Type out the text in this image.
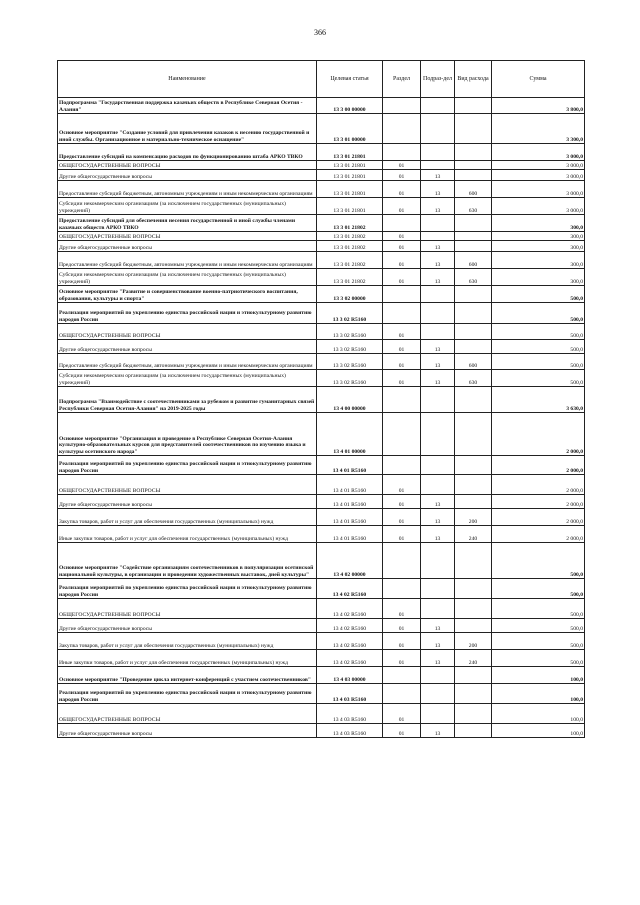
366
Наименование	Целевая статья	Раздел	Подраз-дел	Вид расхода	Сумма
Подпрограмма "Государственная поддержка казачьих обществ в Республике Северная Осетия - Алания"	13 3 00 00000				3 800,0
Основное мероприятие "Создание условий для привлечения казаков к несению государственной и иной службы. Организационное и материально-техническое оснащение"	13 3 01 00000				3 300,0
Предоставление субсидий на компенсацию расходов по функционированию штаба АРКО ТВКО	13 3 01 21801				3 000,0
ОБЩЕГОСУДАРСТВЕННЫЕ ВОПРОСЫ	13 3 01 21801	01			3 000,0
Другие общегосударственные вопросы	13 3 01 21801	01	13		3 000,0
Предоставление субсидий бюджетным, автономным учреждениям и иным некоммерческим организациям	13 3 01 21801	01	13	600	3 000,0
Субсидии некоммерческим организациям (за исключением государственных (муниципальных) учреждений)	13 3 01 21801	01	13	630	3 000,0
Предоставление субсидий для обеспечения несения государственной и иной службы членами казачьих обществ АРКО ТВКО	13 3 01 21802				300,0
ОБЩЕГОСУДАРСТВЕННЫЕ ВОПРОСЫ	13 3 01 21802	01			300,0
Другие общегосударственные вопросы	13 3 01 21802	01	13		300,0
Предоставление субсидий бюджетным, автономным учреждениям и иным некоммерческим организациям	13 3 01 21802	01	13	600	300,0
Субсидии некоммерческим организациям (за исключением государственных (муниципальных) учреждений)	13 3 01 21802	01	13	630	300,0
Основное мероприятие "Развитие и совершенствование военно-патриотического воспитания, образования, культуры и спорта"	13 3 02 00000				500,0
Реализация мероприятий по укреплению единства российской нации и этнокультурному развитию народов России	13 3 02 R5160				500,0
ОБЩЕГОСУДАРСТВЕННЫЕ ВОПРОСЫ	13 3 02 R5160	01			500,0
Другие общегосударственные вопросы	13 3 02 R5160	01	13		500,0
Предоставление субсидий бюджетным, автономным учреждениям и иным некоммерческим организациям	13 3 02 R5160	01	13	600	500,0
Субсидии некоммерческим организациям (за исключением государственных (муниципальных) учреждений)	13 3 02 R5160	01	13	630	500,0
Подпрограмма "Взаимодействие с соотечественниками за рубежом и развитие гуманитарных связей Республики Северная Осетия-Алания" на 2019-2025 годы	13 4 00 00000				3 630,0
Основное мероприятие "Организация и проведение в Республике Северная Осетия-Алания культурно-образовательных курсов для представителей соотечественников по изучению языка и культуры осетинского народа"	13 4 01 00000				2 000,0
Реализация мероприятий по укреплению единства российской нации и этнокультурному развитию народов России	13 4 01 R5160				2 000,0
ОБЩЕГОСУДАРСТВЕННЫЕ ВОПРОСЫ	13 4 01 R5160	01			2 000,0
Другие общегосударственные вопросы	13 4 01 R5160	01	13		2 000,0
Закупка товаров, работ и услуг для обеспечения государственных (муниципальных) нужд	13 4 01 R5160	01	13	200	2 000,0
Иные закупки товаров, работ и услуг для обеспечения государственных (муниципальных) нужд	13 4 01 R5160	01	13	240	2 000,0
Основное мероприятие "Содействие организациям соотечественников в популяризации осетинской национальной культуры, в организации и проведении художественных выставок, дней культуры"	13 4 02 00000				500,0
Реализация мероприятий по укреплению единства российской нации и этнокультурному развитию народов России	13 4 02 R5160				500,0
ОБЩЕГОСУДАРСТВЕННЫЕ ВОПРОСЫ	13 4 02 R5160	01			500,0
Другие общегосударственные вопросы	13 4 02 R5160	01	13		500,0
Закупка товаров, работ и услуг для обеспечения государственных (муниципальных) нужд	13 4 02 R5160	01	13	200	500,0
Иные закупки товаров, работ и услуг для обеспечения государственных (муниципальных) нужд	13 4 02 R5160	01	13	240	500,0
Основное мероприятие "Проведение цикла интернет-конференций с участием соотечественников"	13 4 03 00000				100,0
Реализация мероприятий по укреплению единства российской нации и этнокультурному развитию народов России	13 4 03 R5160				100,0
ОБЩЕГОСУДАРСТВЕННЫЕ ВОПРОСЫ	13 4 03 R5160	01			100,0
Другие общегосударственные вопросы	13 4 03 R5160	01	13		100,0
